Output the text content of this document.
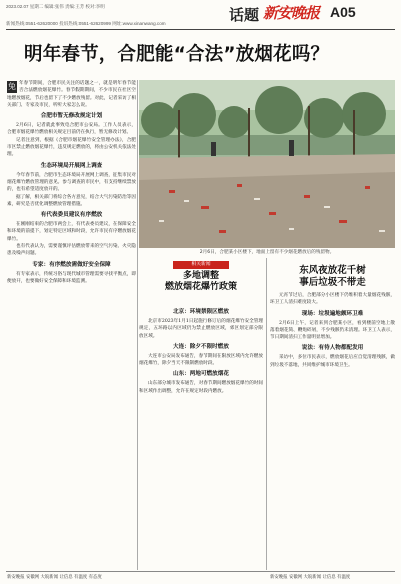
2023.02.07 星期二 编辑:张伟 责编:王芳 校对:李明
新闻热线:0551-62620000 投诉热线:0551-62620999 网址:www.xinanwang.com	话题 新安晚报 A05
明年春节，合肥能“合法”放烟花吗？
兔 年春节期间，合肥市民关注的话题之一，就是明年春节能否合法燃放烟花爆竹。春节假期期间，不少市民在社区空地燃放烟花，节后也留下了不少燃放残留。对此，记者采访了相关部门、专家及市民，听听大家怎么说。
合肥市暂无修改规定计划

2月6日，记者就此事致电合肥市公安局。工作人员表示，合肥市烟花爆竹燃放相关规定目前仍在执行，暂无修改计划。

记者注意到，根据《合肥市烟花爆竹安全管理办法》，合肥市区禁止燃放烟花爆竹，违反规定燃放的，将由公安机关依法处理。

生态环境局开展网上调查

今年春节前，合肥市生态环境局开展网上调查，征集市民对烟花爆竹燃放管理的意见。参与调查的市民中，有支持继续禁放的，也有希望适度放开的。

据了解，相关部门将综合各方意见，结合大气污染防治等因素，研究是否优化调整燃放管理措施。

有代表委员建议有序燃放

在刚刚结束的合肥市两会上，有代表委员建议，在保障安全和环境的前提下，划定特定区域和时段，允许市民有序燃放烟花爆竹。

也有代表认为，需要谨慎评估燃放带来的空气污染、火灾隐患及噪声问题。

专家：有序燃放需做好安全保障

有专家表示，传统习俗与现代城市管理需要寻找平衡点，即便放开，也要做好安全保障和环境监测。

2月6日，合肥某小区楼下，地面上留有不少烟花燃放后的残留物。
相关新闻
多地调整
燃放烟花爆竹政策
北京：环境禁限区燃放

北京市2023年1月1日起施行修订后的烟花爆竹安全管理规定，五环路以内区域仍为禁止燃放区域，郊区划定部分限放区域。

大连：除夕不限时燃放

大连市公安局发布通告，春节期间在限放区域内允许燃放烟花爆竹，除夕当天不限制燃放时段。

山东：两地可燃放烟花

山东部分城市发布通告，对春节期间燃放烟花爆竹的时间和区域作出调整，允许在规定时段内燃放。

东风夜放花千树
事后垃圾不带走

元宵节过后，合肥部分小区楼下仍堆积着大量烟花残骸，环卫工人清扫难度较大。

现场：垃圾遍地颇环卫难

2月6日上午，记者来到合肥某小区，看到楼前空地上散落着烟花筒、鞭炮碎屑，不少残骸仍未清理。环卫工人表示，节日期间清扫工作量明显增加。

说法：有待人物都配发用

采访中，多位市民表示，燃放烟花后应自觉清理残骸，做到垃圾不落地，共同维护城市环境卫生。

新安晚报 安徽网 大皖新闻 让信息 有温度 有态度	新安晚报 安徽网 大皖新闻 让信息 有温度
